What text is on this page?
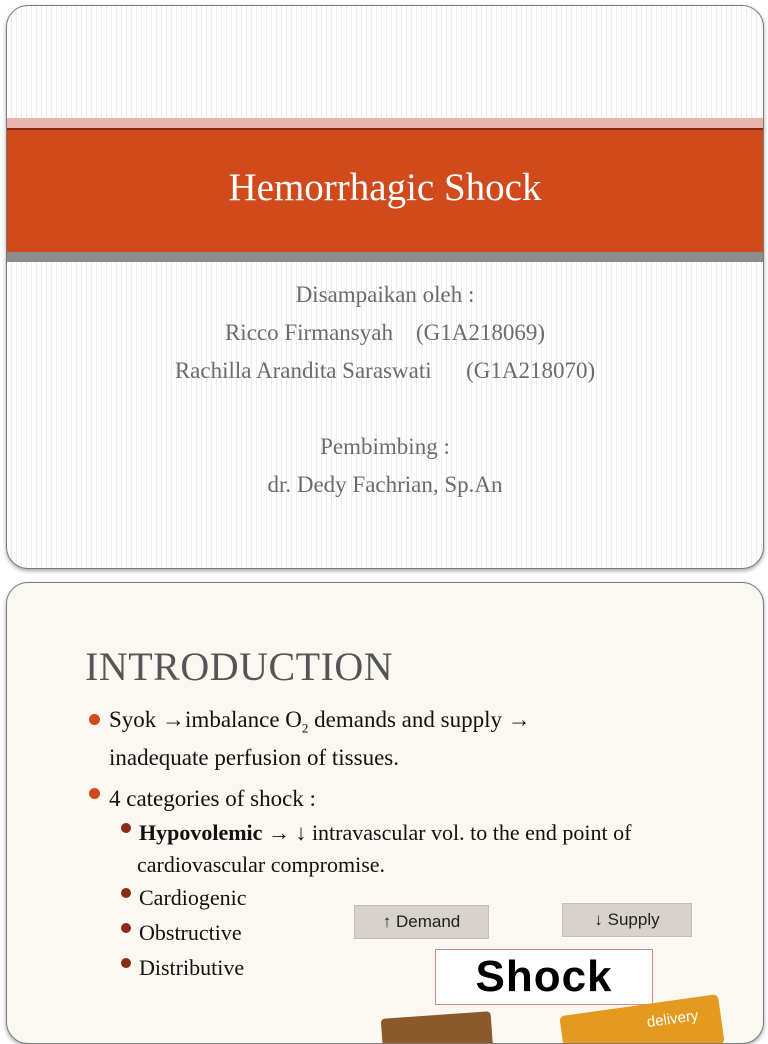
Hemorrhagic Shock
Disampaikan oleh :
Ricco Firmansyah (G1A218069)
Rachilla Arandita Saraswati (G1A218070)
Pembimbing :
dr. Dedy Fachrian, Sp.An
INTRODUCTION
Syok →imbalance $O_2$ demands and supply →
inadequate perfusion of tissues.
4 categories of shock :
Hypovolemic → ↓ intravascular vol. to the end point of
cardiovascular compromise.
Cardiogenic
Obstructive
Distributive
↑ Demand	↓ Supply
Shock
delivery
